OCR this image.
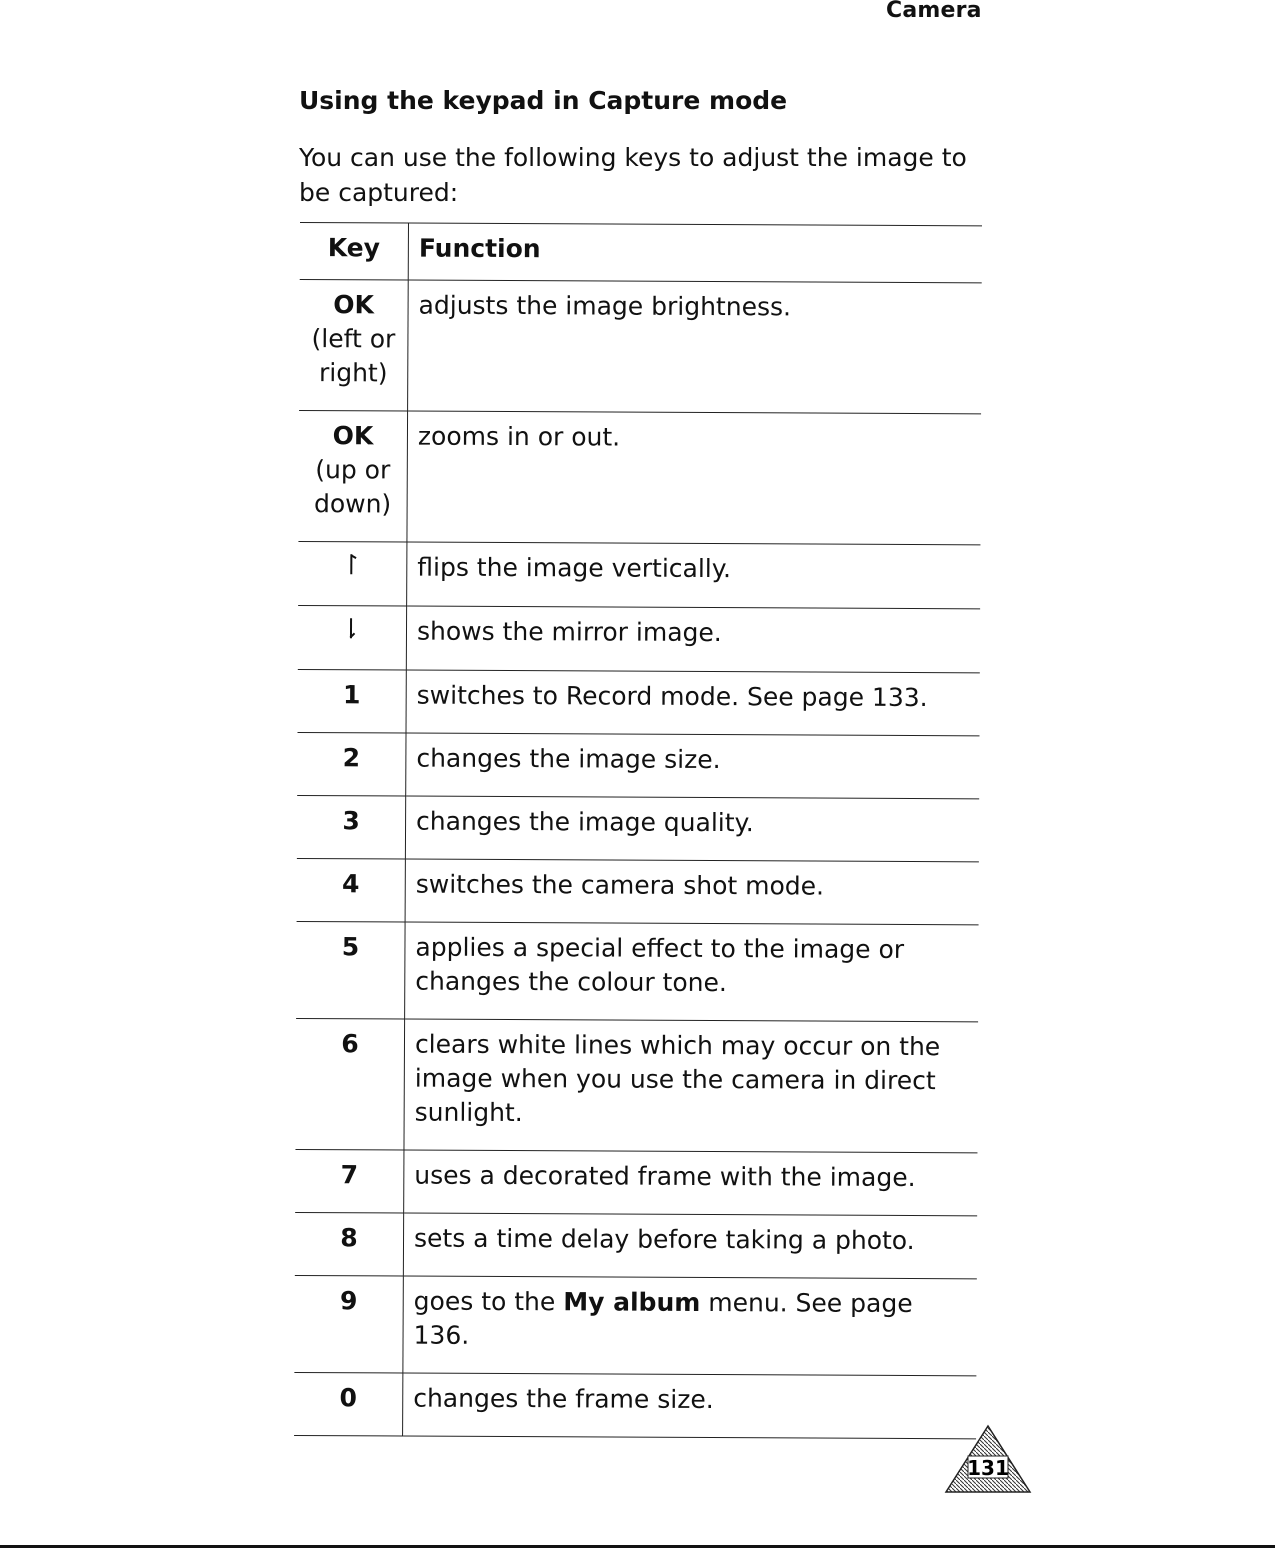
Camera
Using the keypad in Capture mode

You can use the following keys to adjust the image to be captured:

Key	Function

OK
(left or right)	adjusts the image brightness.

OK
(up or down)	zooms in or out.
	flips the image vertically.
	shows the mirror image.

1	switches to Record mode. See page 133.

2	changes the image size.

3	changes the image quality.

4	switches the camera shot mode.

5	applies a special effect to the image or changes the colour tone.

6	clears white lines which may occur on the image when you use the camera in direct sunlight.

7	uses a decorated frame with the image.

8	sets a time delay before taking a photo.

9	goes to the My album menu. See page 136.

0	changes the frame size.
131
